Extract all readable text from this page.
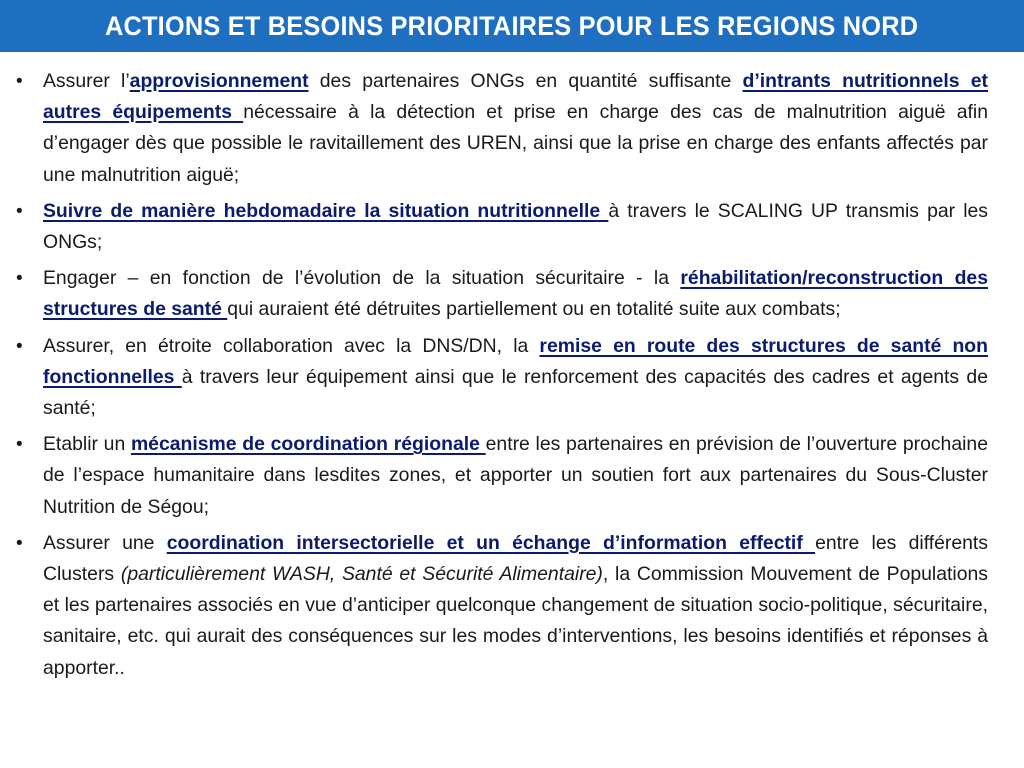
ACTIONS ET BESOINS PRIORITAIRES POUR LES REGIONS NORD
• Assurer l’approvisionnement des partenaires ONGs en quantité suffisante d’intrants nutritionnels et autres équipements nécessaire à la détection et prise en charge des cas de malnutrition aiguë afin d’engager dès que possible le ravitaillement des UREN, ainsi que la prise en charge des enfants affectés par une malnutrition aiguë;
• Suivre de manière hebdomadaire la situation nutritionnelle à travers le SCALING UP transmis par les ONGs;
• Engager – en fonction de l’évolution de la situation sécuritaire - la réhabilitation/reconstruction des structures de santé qui auraient été détruites partiellement ou en totalité suite aux combats;
• Assurer, en étroite collaboration avec la DNS/DN, la remise en route des structures de santé non fonctionnelles à travers leur équipement ainsi que le renforcement des capacités des cadres et agents de santé;
• Etablir un mécanisme de coordination régionale entre les partenaires en prévision de l’ouverture prochaine de l’espace humanitaire dans lesdites zones, et apporter un soutien fort aux partenaires du Sous-Cluster Nutrition de Ségou;
• Assurer une coordination intersectorielle et un échange d’information effectif entre les différents Clusters (particulièrement WASH, Santé et Sécurité Alimentaire), la Commission Mouvement de Populations et les partenaires associés en vue d’anticiper quelconque changement de situation socio-politique, sécuritaire, sanitaire, etc. qui aurait des conséquences sur les modes d’interventions, les besoins identifiés et réponses à apporter..
